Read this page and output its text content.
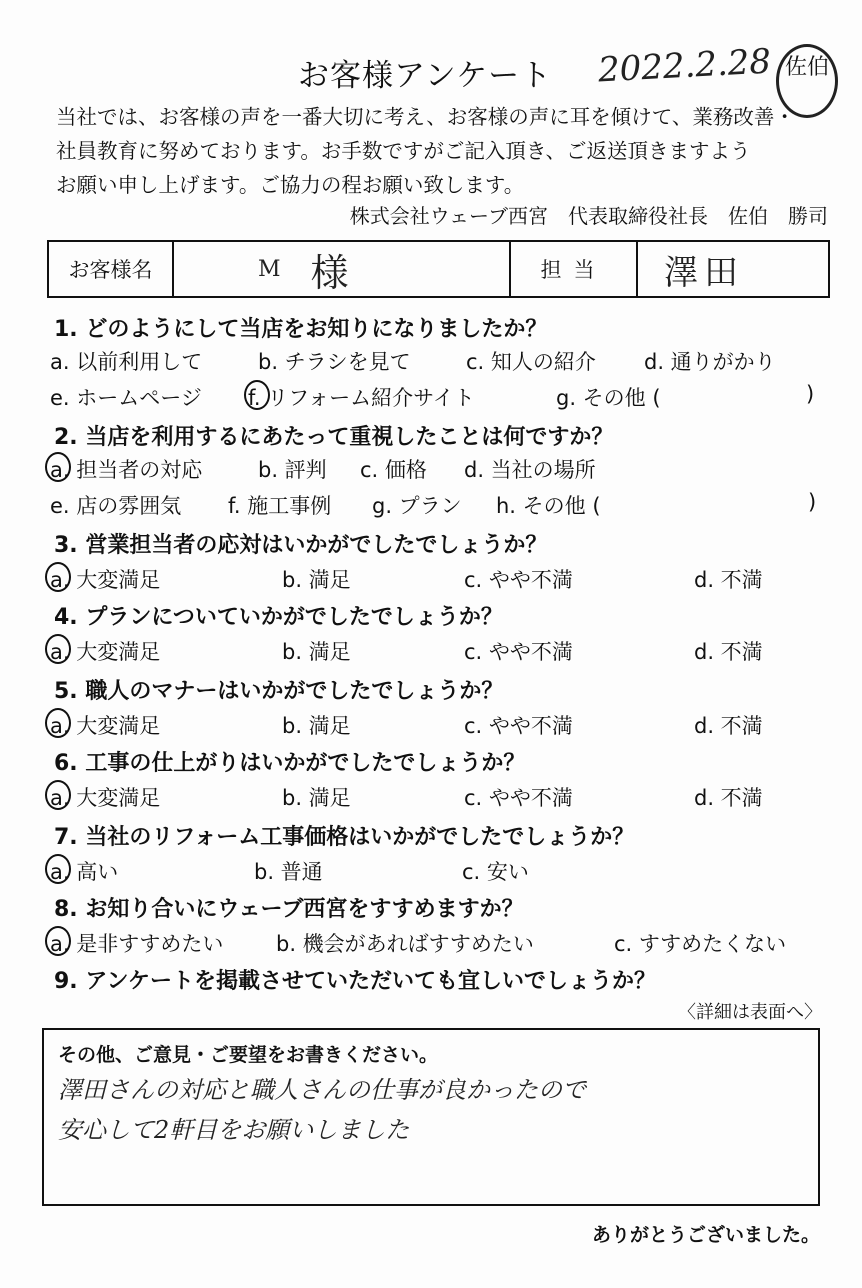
お客様アンケート 2022.2.28 佐伯
当社では、お客様の声を一番大切に考え、お客様の声に耳を傾けて、業務改善・
社員教育に努めております。お手数ですがご記入頂き、ご返送頂きますよう
お願い申し上げます。ご協力の程お願い致します。
株式会社ウェーブ西宮　代表取締役社長　佐伯　勝司
お客様名	M 様	担当	澤田
1. どのようにして当店をお知りになりましたか？
a. 以前利用して	b. チラシを見て	c. 知人の紹介 d. 通りがかり
e. ホームページ f. リフォーム紹介サイト	g. その他 (	)
2. 当店を利用するにあたって重視したことは何ですか？
a. 担当者の対応	b. 評判 c. 価格 d. 当社の場所
e. 店の雰囲気 f. 施工事例 g. プラン h. その他 (	)
3. 営業担当者の応対はいかがでしたでしょうか？
a. 大変満足	b. 満足	c. やや不満	d. 不満
4. プランについていかがでしたでしょうか？
a. 大変満足	b. 満足	c. やや不満	d. 不満
5. 職人のマナーはいかがでしたでしょうか？
a. 大変満足	b. 満足	c. やや不満	d. 不満
6. 工事の仕上がりはいかがでしたでしょうか？
a. 大変満足	b. 満足	c. やや不満	d. 不満
7. 当社のリフォーム工事価格はいかがでしたでしょうか？
a. 高い	b. 普通	c. 安い
8. お知り合いにウェーブ西宮をすすめますか？
a. 是非すすめたい	b. 機会があればすすめたい	c. すすめたくない
9. アンケートを掲載させていただいても宜しいでしょうか？
〈詳細は表面へ〉
その他、ご意見・ご要望をお書きください。
澤田さんの対応と職人さんの仕事が良かったので
安心して2軒目をお願いしました
ありがとうございました。
